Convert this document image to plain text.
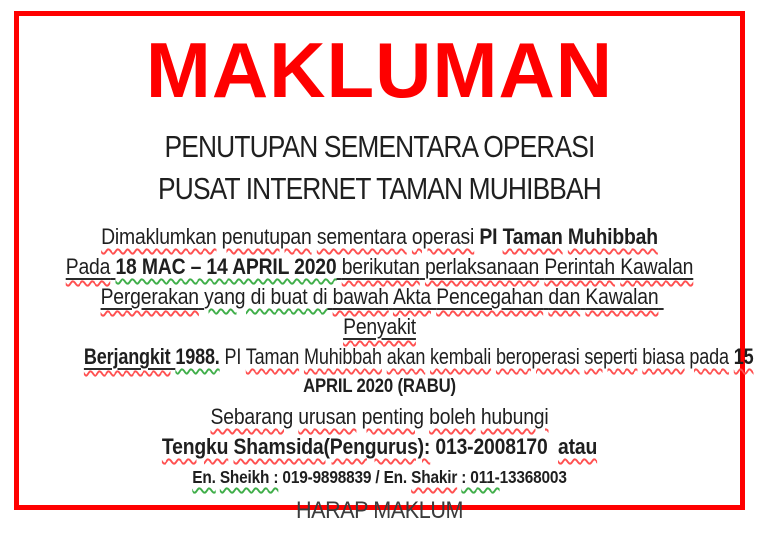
MAKLUMAN
PENUTUPAN SEMENTARA OPERASI
PUSAT INTERNET TAMAN MUHIBBAH
Dimaklumkan penutupan sementara operasi PI Taman Muhibbah
Pada 18 MAC – 14 APRIL 2020 berikutan perlaksanaan Perintah Kawalan
Pergerakan yang di buat di bawah Akta Pencegahan dan Kawalan Penyakit
Berjangkit 1988. PI Taman Muhibbah akan kembali beroperasi seperti biasa pada 15
APRIL 2020 (RABU)
Sebarang urusan penting boleh hubungi
Tengku Shamsida(Pengurus): 013-2008170  atau
En. Sheikh : 019-9898839 / En. Shakir : 011-13368003
HARAP MAKLUM
